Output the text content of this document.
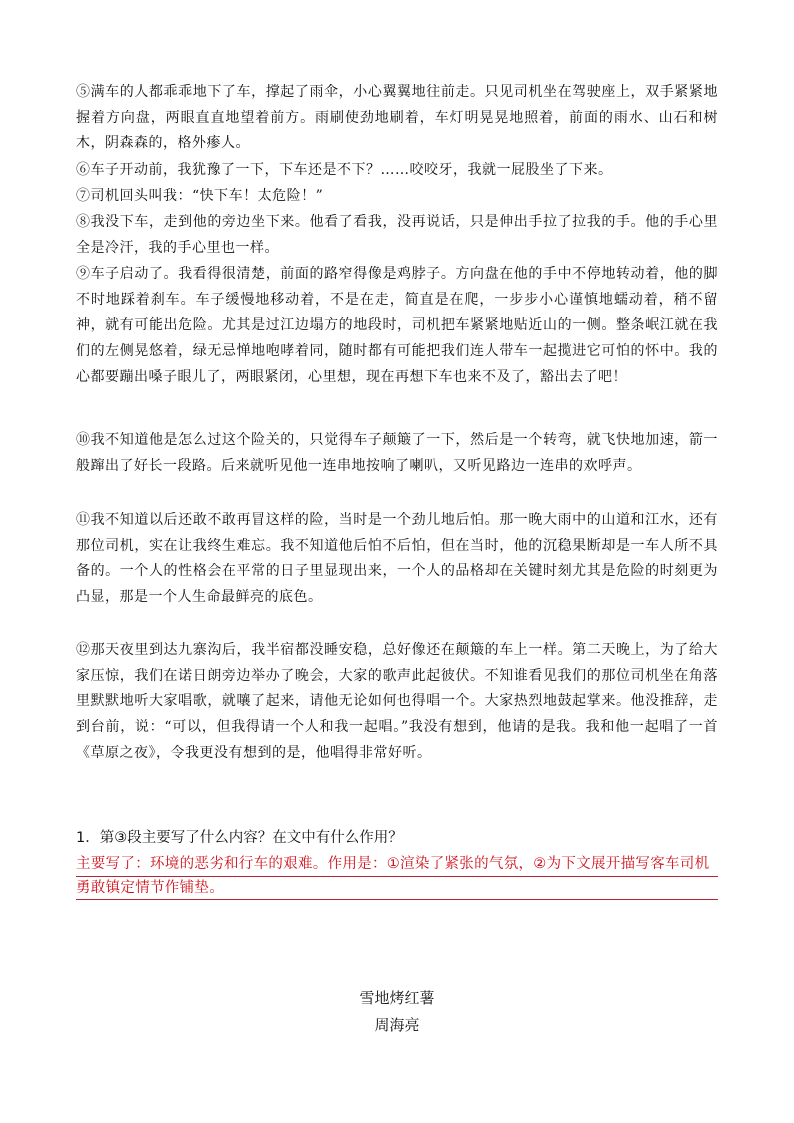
⑤满车的人都乖乖地下了车，撑起了雨伞，小心翼翼地往前走。只见司机坐在驾驶座上，双手紧紧地握着方向盘，两眼直直地望着前方。雨刷使劲地刷着，车灯明晃晃地照着，前面的雨水、山石和树木，阴森森的，格外瘆人。

⑥车子开动前，我犹豫了一下，下车还是不下？……咬咬牙，我就一屁股坐了下来。

⑦司机回头叫我：“快下车！太危险！”

⑧我没下车，走到他的旁边坐下来。他看了看我，没再说话，只是伸出手拉了拉我的手。他的手心里全是冷汗，我的手心里也一样。

⑨车子启动了。我看得很清楚，前面的路窄得像是鸡脖子。方向盘在他的手中不停地转动着，他的脚不时地踩着刹车。车子缓慢地移动着，不是在走，简直是在爬，一步步小心谨慎地蠕动着，稍不留神，就有可能出危险。尤其是过江边塌方的地段时，司机把车紧紧地贴近山的一侧。整条岷江就在我们的左侧晃悠着，绿无忌惮地咆哮着同，随时都有可能把我们连人带车一起揽进它可怕的怀中。我的心都要蹦出嗓子眼儿了，两眼紧闭，心里想，现在再想下车也来不及了，豁出去了吧！

⑩我不知道他是怎么过这个险关的，只觉得车子颠簸了一下，然后是一个转弯，就飞快地加速，箭一般蹿出了好长一段路。后来就听见他一连串地按响了喇叭，又听见路边一连串的欢呼声。

⑪我不知道以后还敢不敢再冒这样的险，当时是一个劲儿地后怕。那一晚大雨中的山道和江水，还有那位司机，实在让我终生难忘。我不知道他后怕不后怕，但在当时，他的沉稳果断却是一车人所不具备的。一个人的性格会在平常的日子里显现出来，一个人的品格却在关键时刻尤其是危险的时刻更为凸显，那是一个人生命最鲜亮的底色。

⑫那天夜里到达九寨沟后，我半宿都没睡安稳，总好像还在颠簸的车上一样。第二天晚上，为了给大家压惊，我们在诺日朗旁边举办了晚会，大家的歌声此起彼伏。不知谁看见我们的那位司机坐在角落里默默地听大家唱歌，就嚷了起来，请他无论如何也得唱一个。大家热烈地鼓起掌来。他没推辞，走到台前，说：“可以，但我得请一个人和我一起唱。”我没有想到，他请的是我。我和他一起唱了一首《草原之夜》，令我更没有想到的是，他唱得非常好听。

1．第③段主要写了什么内容？在文中有什么作用？

主要写了：环境的恶劣和行车的艰难。作用是：①渲染了紧张的气氛，②为下文展开描写客车司机勇敢镇定情节作铺垫。

雪地烤红薯

周海亮
